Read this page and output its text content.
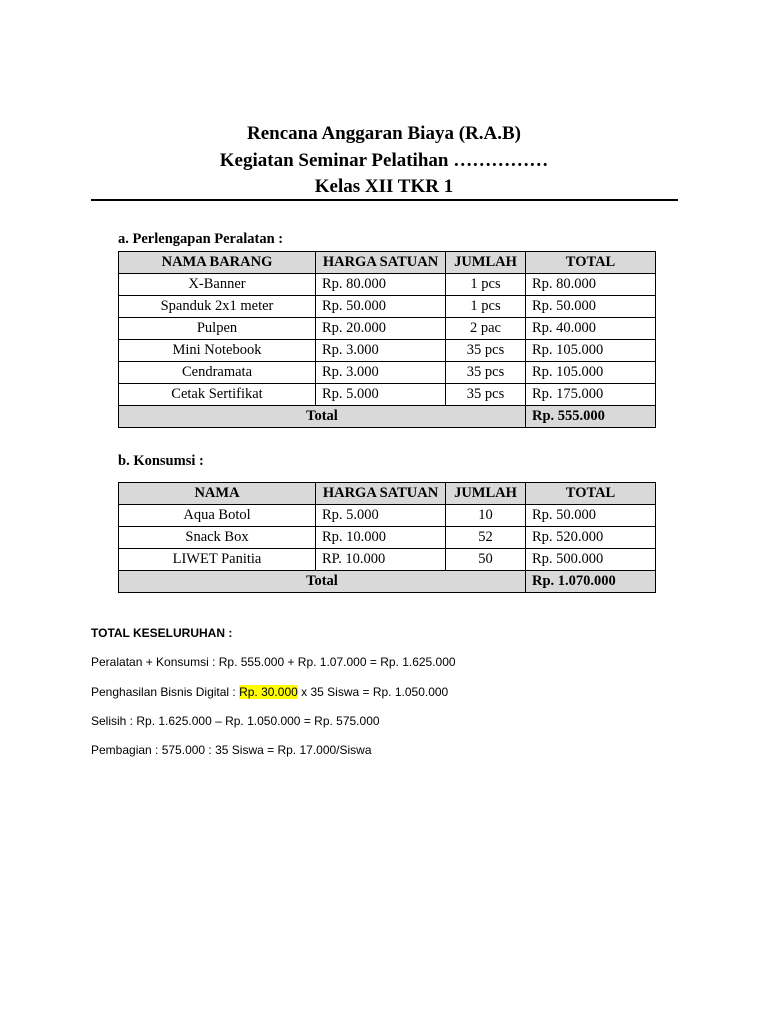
Rencana Anggaran Biaya (R.A.B)
Kegiatan Seminar Pelatihan ……………
Kelas XII TKR 1
a. Perlengapan Peralatan :
NAMA BARANG	HARGA SATUAN	JUMLAH	TOTAL
X-Banner	Rp. 80.000	1 pcs	Rp. 80.000
Spanduk 2x1 meter	Rp. 50.000	1 pcs	Rp. 50.000
Pulpen	Rp. 20.000	2 pac	Rp. 40.000
Mini Notebook	Rp. 3.000	35 pcs	Rp. 105.000
Cendramata	Rp. 3.000	35 pcs	Rp. 105.000
Cetak Sertifikat	Rp. 5.000	35 pcs	Rp. 175.000
Total			Rp. 555.000
b. Konsumsi :
NAMA	HARGA SATUAN	JUMLAH	TOTAL
Aqua Botol	Rp. 5.000	10	Rp. 50.000
Snack Box	Rp. 10.000	52	Rp. 520.000
LIWET Panitia	RP. 10.000	50	Rp. 500.000
Total			Rp. 1.070.000
TOTAL KESELURUHAN :
Peralatan + Konsumsi : Rp. 555.000 + Rp. 1.07.000 = Rp. 1.625.000
Penghasilan Bisnis Digital : Rp. 30.000 x 35 Siswa = Rp. 1.050.000
Selisih : Rp. 1.625.000 – Rp. 1.050.000 = Rp. 575.000
Pembagian : 575.000 : 35 Siswa = Rp. 17.000/Siswa
